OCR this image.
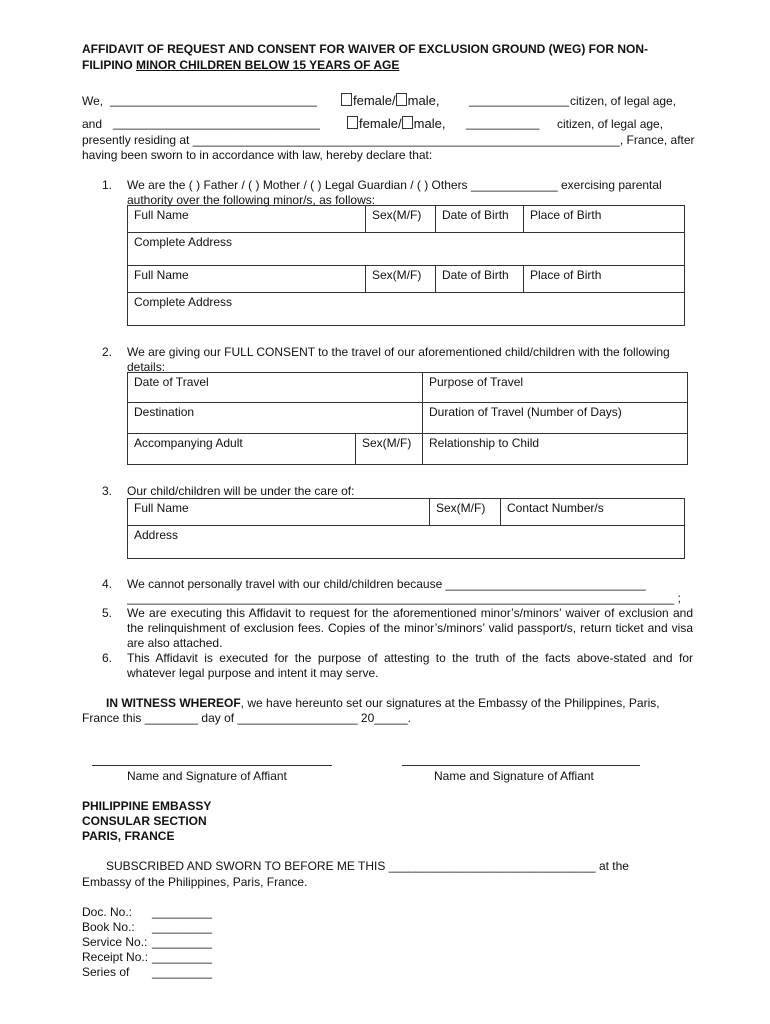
AFFIDAVIT OF REQUEST AND CONSENT FOR WAIVER OF EXCLUSION GROUND (WEG) FOR NON-
FILIPINO MINOR CHILDREN BELOW 15 YEARS OF AGE
We, _______________________________	female/ male, _______________ citizen, of legal age,
and _______________________________	female/ male, ___________ citizen, of legal age,
presently residing at ________________________________________________________________, France, after
having been sworn to in accordance with law, hereby declare that:
1. We are the ( ) Father / ( ) Mother / ( ) Legal Guardian / ( ) Others _____________ exercising parental
authority over the following minor/s, as follows:
Full Name	Sex(M/F)	Date of Birth	Place of Birth
Complete Address			
Full Name	Sex(M/F)	Date of Birth	Place of Birth
Complete Address			
2. We are giving our FULL CONSENT to the travel of our aforementioned child/children with the following
details:
Date of Travel		Purpose of Travel
Destination		Duration of Travel (Number of Days)
Accompanying Adult	Sex(M/F)	Relationship to Child
3. Our child/children will be under the care of:
Full Name	Sex(M/F)	Contact Number/s
Address
4. We cannot personally travel with our child/children because ______________________________
__________________________________________________________________________________ ;
5. We are executing this Affidavit to request for the aforementioned minor’s/minors’ waiver of exclusion and the relinquishment of exclusion fees. Copies of the minor’s/minors’ valid passport/s, return ticket and visa are also attached.
6. This Affidavit is executed for the purpose of attesting to the truth of the facts above-stated and for whatever legal purpose and intent it may serve.
IN WITNESS WHEREOF, we have hereunto set our signatures at the Embassy of the Philippines, Paris,
France this ________ day of __________________ 20_____.
Name and Signature of Affiant	Name and Signature of Affiant
PHILIPPINE EMBASSY
CONSULAR SECTION
PARIS, FRANCE
SUBSCRIBED AND SWORN TO BEFORE ME THIS _______________________________ at the
Embassy of the Philippines, Paris, France.
Doc. No.: _________
Book No.: _________
Service No.: _________
Receipt No.: _________
Series of _________
